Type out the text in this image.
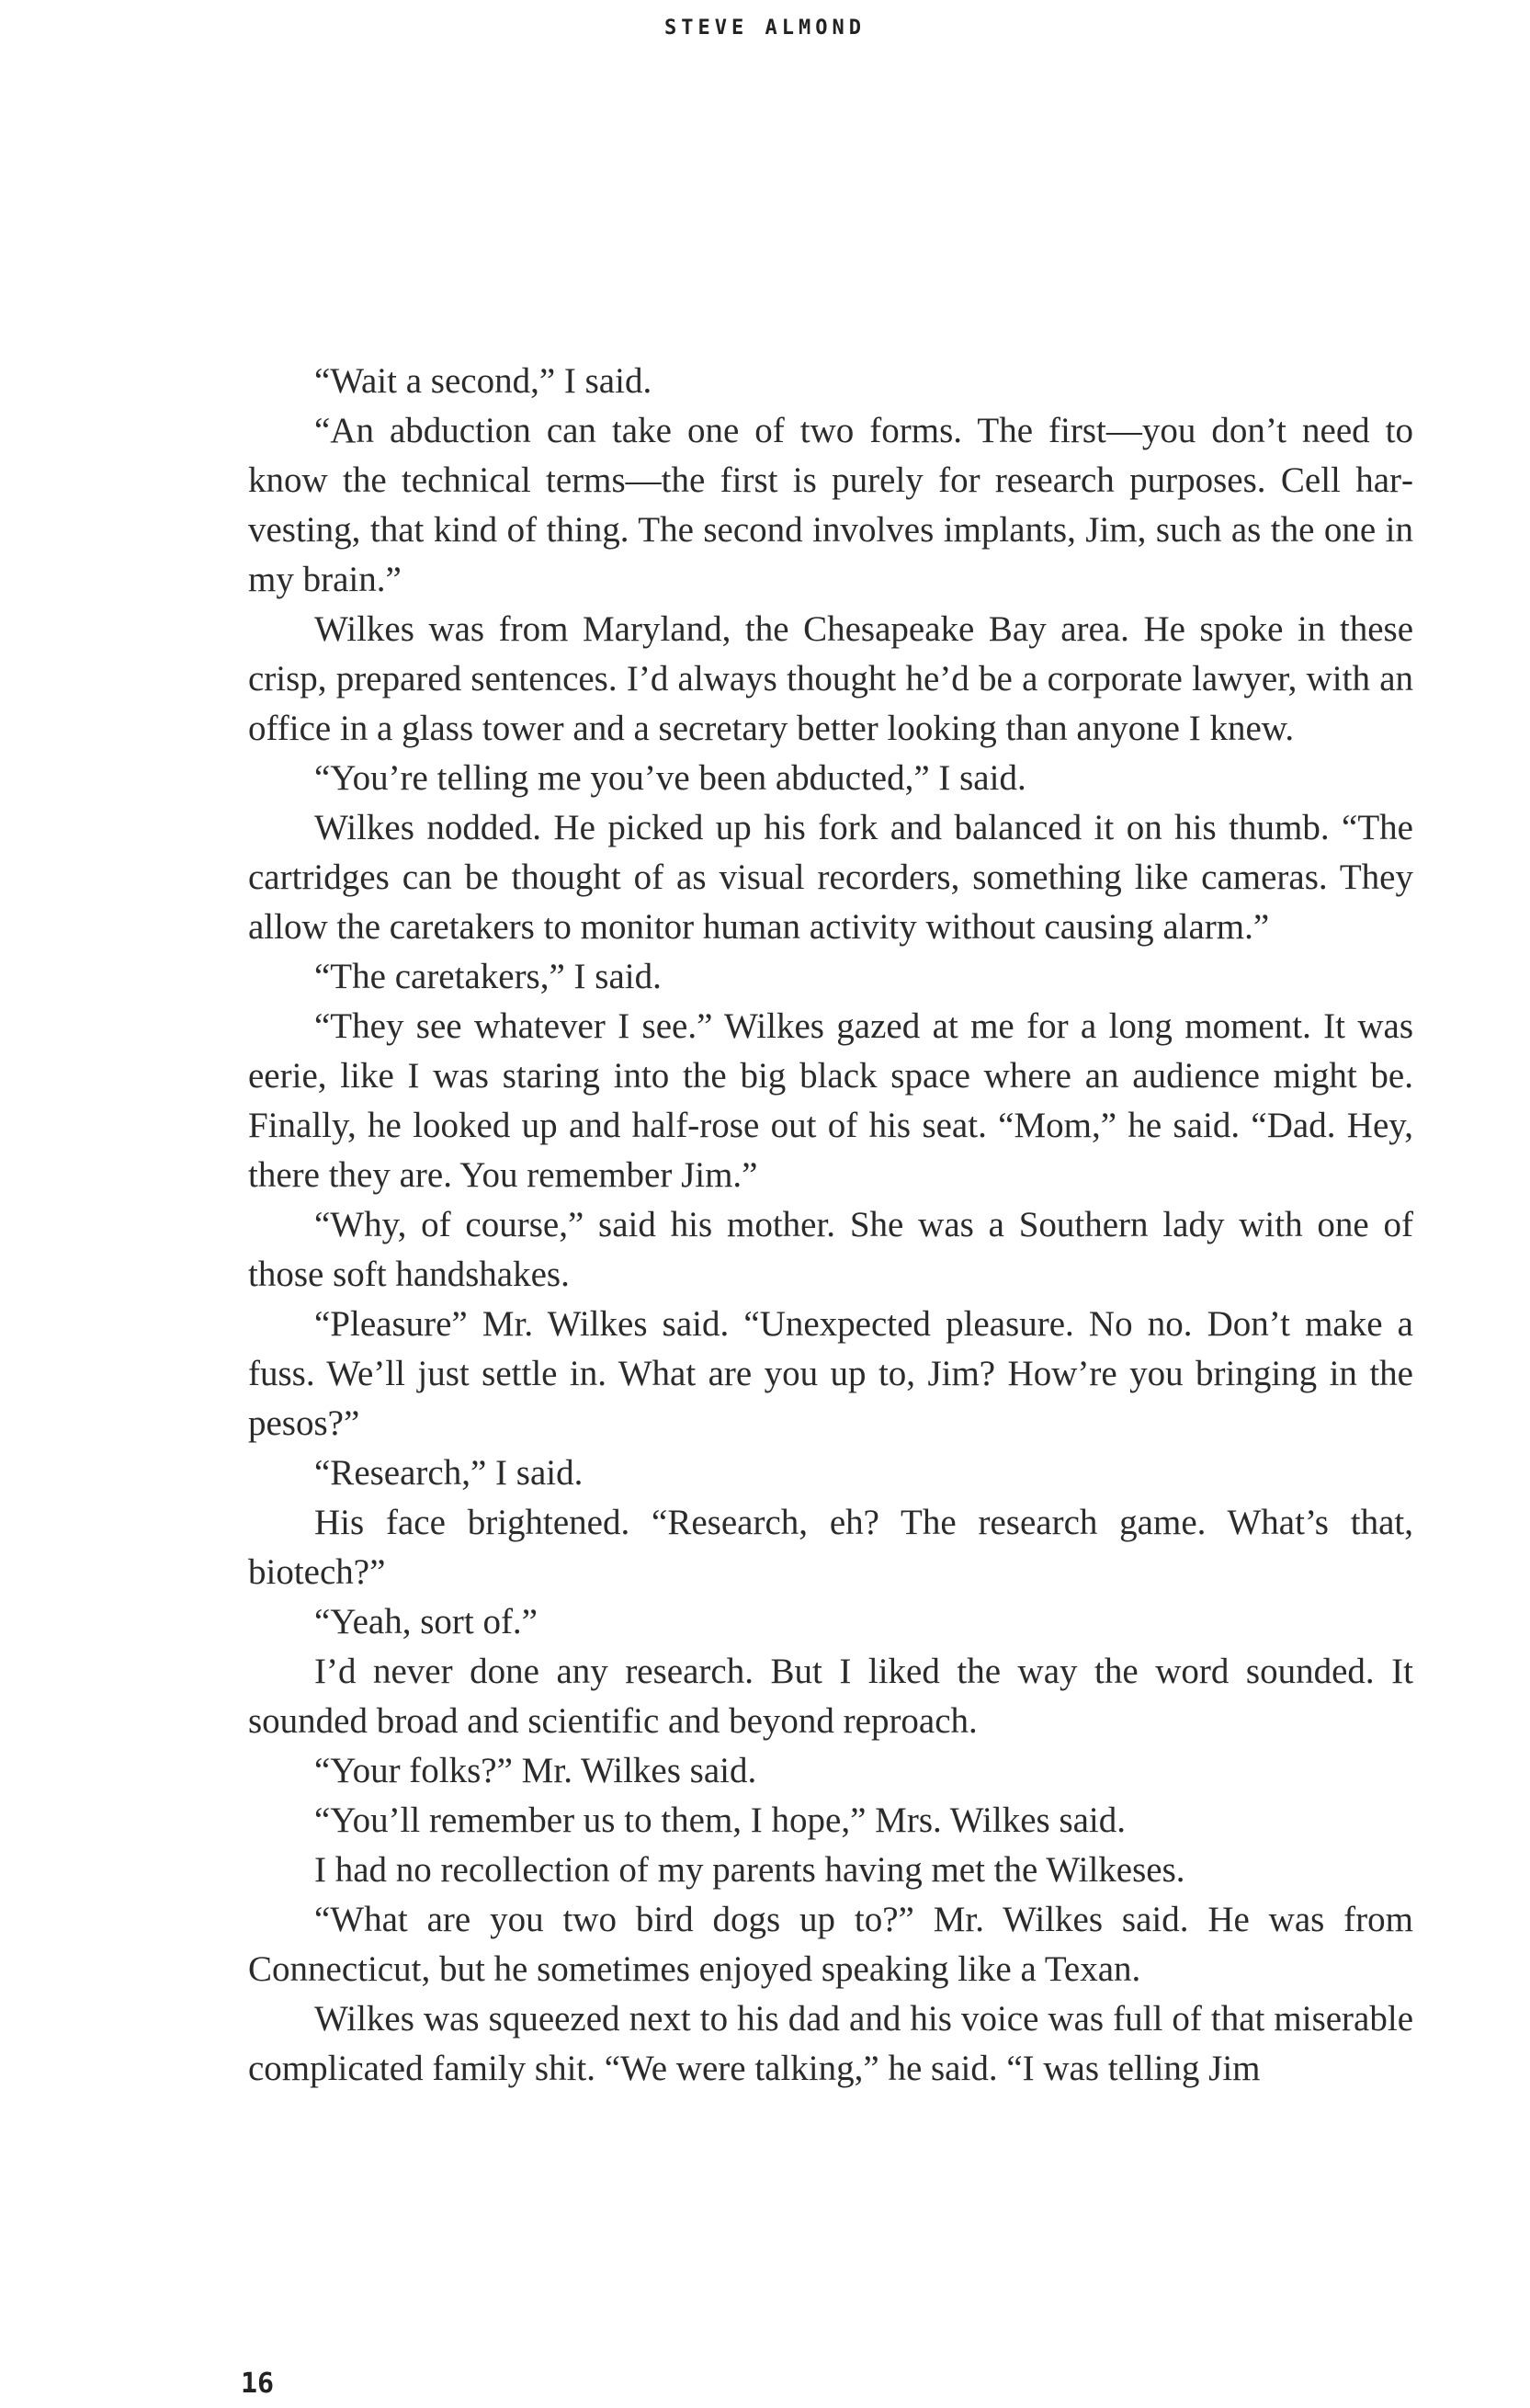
STEVE ALMOND

“Wait a second,” I said.

“An abduction can take one of two forms. The first—you don’t need to know the technical terms—the first is purely for research purposes. Cell harvesting, that kind of thing. The second involves implants, Jim, such as the one in my brain.”

Wilkes was from Maryland, the Chesapeake Bay area. He spoke in these crisp, prepared sentences. I’d always thought he’d be a corporate lawyer, with an office in a glass tower and a secretary better looking than anyone I knew.

“You’re telling me you’ve been abducted,” I said.

Wilkes nodded. He picked up his fork and balanced it on his thumb. “The cartridges can be thought of as visual recorders, something like cameras. They allow the caretakers to monitor human activity without causing alarm.”

“The caretakers,” I said.

“They see whatever I see.” Wilkes gazed at me for a long moment. It was eerie, like I was staring into the big black space where an audience might be. Finally, he looked up and half-rose out of his seat. “Mom,” he said. “Dad. Hey, there they are. You remember Jim.”

“Why, of course,” said his mother. She was a Southern lady with one of those soft handshakes.

“Pleasure” Mr. Wilkes said. “Unexpected pleasure. No no. Don’t make a fuss. We’ll just settle in. What are you up to, Jim? How’re you bringing in the pesos?”

“Research,” I said.

His face brightened. “Research, eh? The research game. What’s that, biotech?”

“Yeah, sort of.”

I’d never done any research. But I liked the way the word sounded. It sounded broad and scientific and beyond reproach.

“Your folks?” Mr. Wilkes said.

“You’ll remember us to them, I hope,” Mrs. Wilkes said.

I had no recollection of my parents having met the Wilkeses.

“What are you two bird dogs up to?” Mr. Wilkes said. He was from Connecticut, but he sometimes enjoyed speaking like a Texan.

Wilkes was squeezed next to his dad and his voice was full of that miserable complicated family shit. “We were talking,” he said. “I was telling Jim

16
